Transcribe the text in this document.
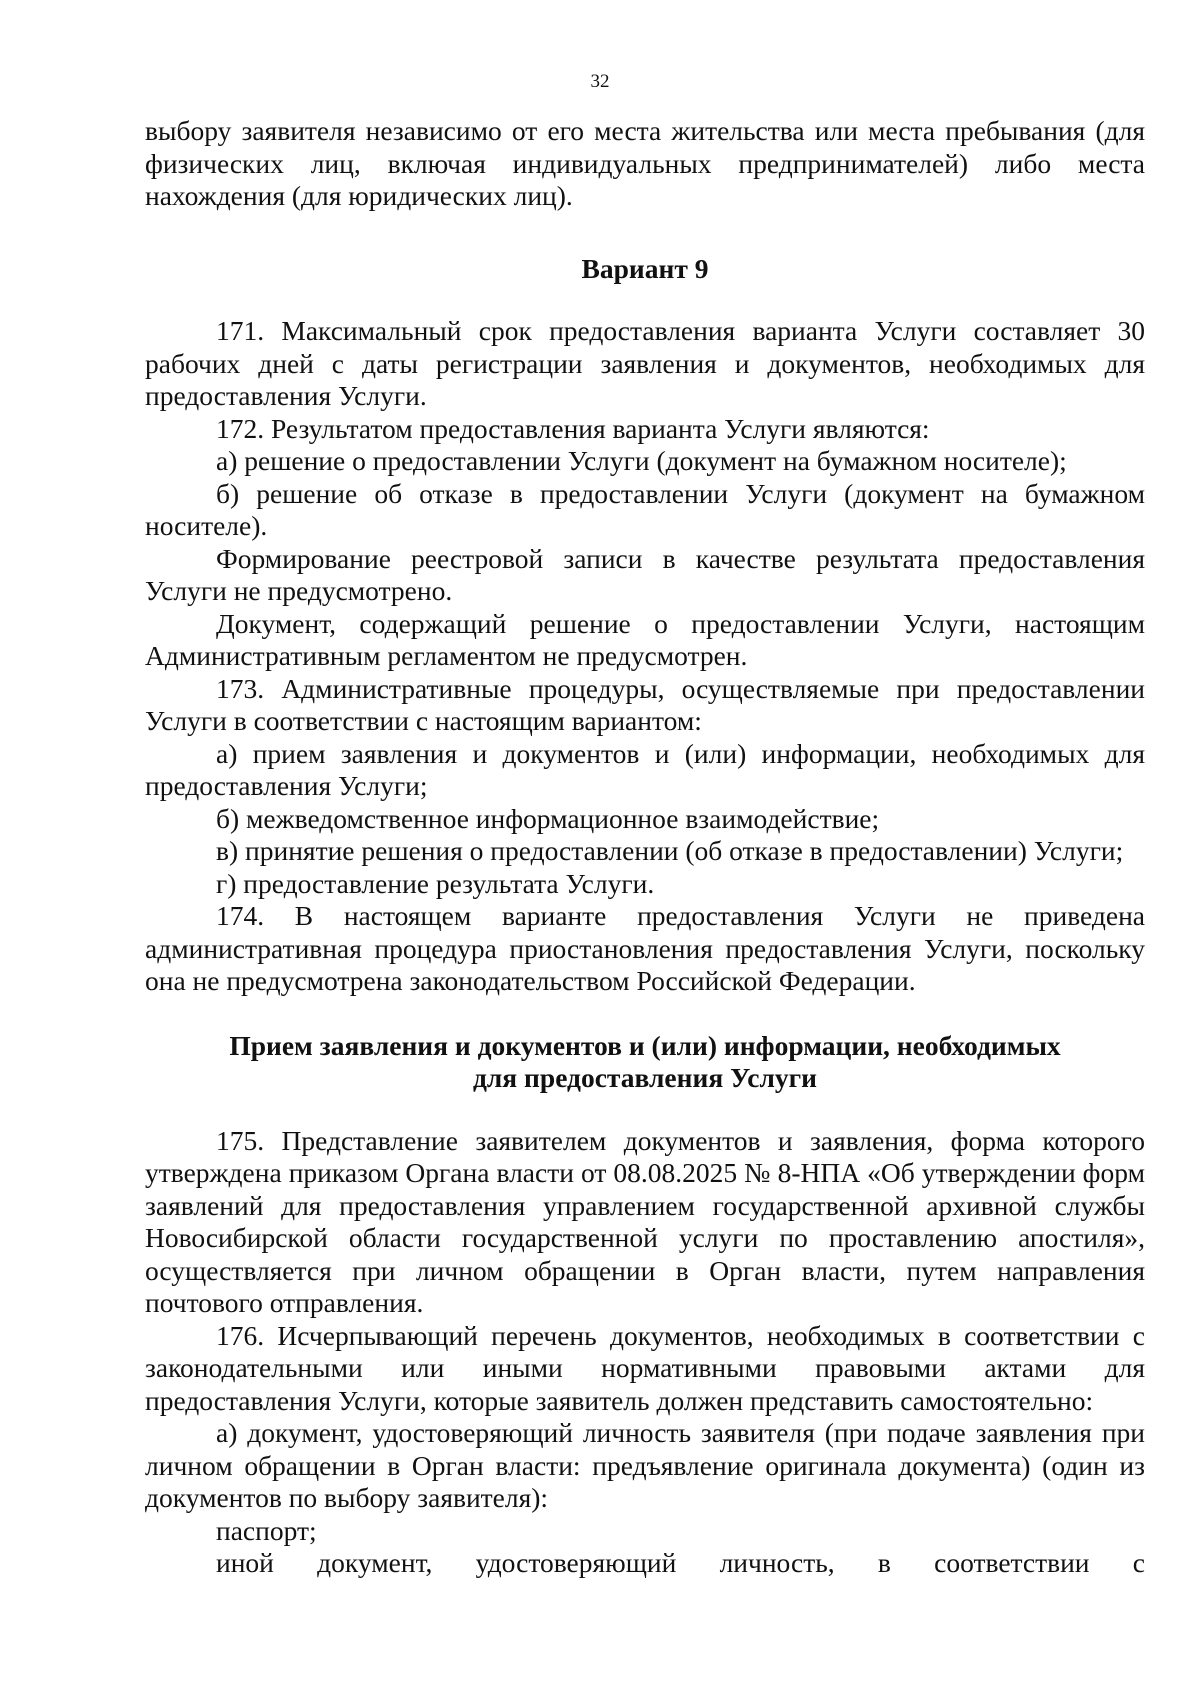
32

выбору заявителя независимо от его места жительства или места пребывания (для физических лиц, включая индивидуальных предпринимателей) либо места нахождения (для юридических лиц).

Вариант 9

171. Максимальный срок предоставления варианта Услуги составляет 30 рабочих дней с даты регистрации заявления и документов, необходимых для предоставления Услуги.

172. Результатом предоставления варианта Услуги являются:

а) решение о предоставлении Услуги (документ на бумажном носителе);

б) решение об отказе в предоставлении Услуги (документ на бумажном носителе).

Формирование реестровой записи в качестве результата предоставления Услуги не предусмотрено.

Документ, содержащий решение о предоставлении Услуги, настоящим Административным регламентом не предусмотрен.

173. Административные процедуры, осуществляемые при предоставлении Услуги в соответствии с настоящим вариантом:

а) прием заявления и документов и (или) информации, необходимых для предоставления Услуги;

б) межведомственное информационное взаимодействие;

в) принятие решения о предоставлении (об отказе в предоставлении) Услуги;

г) предоставление результата Услуги.

174. В настоящем варианте предоставления Услуги не приведена административная процедура приостановления предоставления Услуги, поскольку она не предусмотрена законодательством Российской Федерации.

Прием заявления и документов и (или) информации, необходимых
для предоставления Услуги

175. Представление заявителем документов и заявления, форма которого утверждена приказом Органа власти от 08.08.2025 № 8-НПА «Об утверждении форм заявлений для предоставления управлением государственной архивной службы Новосибирской области государственной услуги по проставлению апостиля», осуществляется при личном обращении в Орган власти, путем направления почтового отправления.

176. Исчерпывающий перечень документов, необходимых в соответствии с законодательными или иными нормативными правовыми актами для предоставления Услуги, которые заявитель должен представить самостоятельно:

а) документ, удостоверяющий личность заявителя (при подаче заявления при личном обращении в Орган власти: предъявление оригинала документа) (один из документов по выбору заявителя):

паспорт;

иной документ, удостоверяющий личность, в соответствии с
